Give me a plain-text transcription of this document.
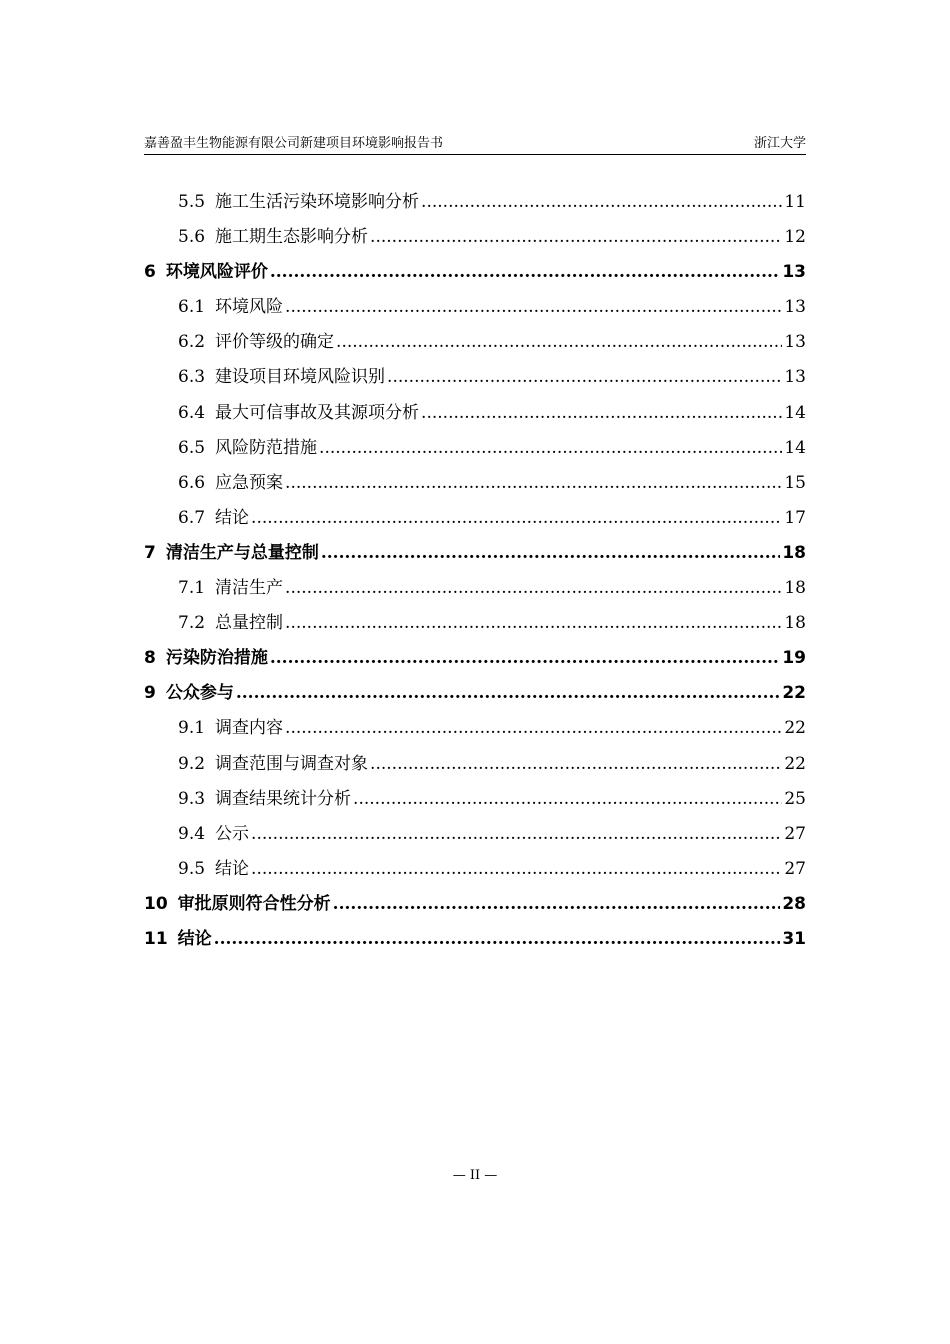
嘉善盈丰生物能源有限公司新建项目环境影响报告书	浙江大学
5.5 施工生活污染环境影响分析 .....	11
5.6 施工期生态影响分析 .....	12
6 环境风险评价 .....	13
6.1 环境风险 .....	13
6.2 评价等级的确定 .....	13
6.3 建设项目环境风险识别 .....	13
6.4 最大可信事故及其源项分析 .....	14
6.5 风险防范措施 .....	14
6.6 应急预案 .....	15
6.7 结论 .....	17
7 清洁生产与总量控制 .....	18
7.1 清洁生产 .....	18
7.2 总量控制 .....	18
8 污染防治措施 .....	19
9 公众参与 .....	22
9.1 调查内容 .....	22
9.2 调查范围与调查对象 .....	22
9.3 调查结果统计分析 .....	25
9.4 公示 .....	27
9.5 结论 .....	27
10 审批原则符合性分析 .....	28
11 结论 .....	31
— II —
